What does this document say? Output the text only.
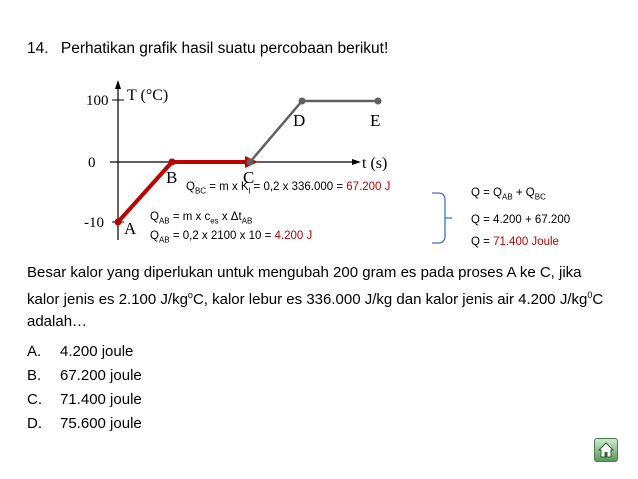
14. Perhatikan grafik hasil suatu percobaan berikut!
T (°C)
t (s)
100
0
-10 A
B	C
D	E
$Q_{BC} = m$ x $K_l = 0,2$ x 336.000 = 67.200 J
$Q_{AB} = m$ x $c_{es}$ x $\Delta t_{AB}$
$Q_{AB} = 0,2$ x 2100 x 10 = 4.200 J
$Q = Q_{AB} + Q_{BC}$
Q = 4.200 + 67.200
Q = 71.400 Joule
Besar kalor yang diperlukan untuk mengubah 200 gram es pada proses A ke C, jika kalor jenis es 2.100 $J/kg^oC$, kalor lebur es 336.000 J/kg dan kalor jenis air 4.200 $J/kg^0C$ adalah…
A.	4.200 joule
B.	67.200 joule
C.	71.400 joule
D.	75.600 joule
